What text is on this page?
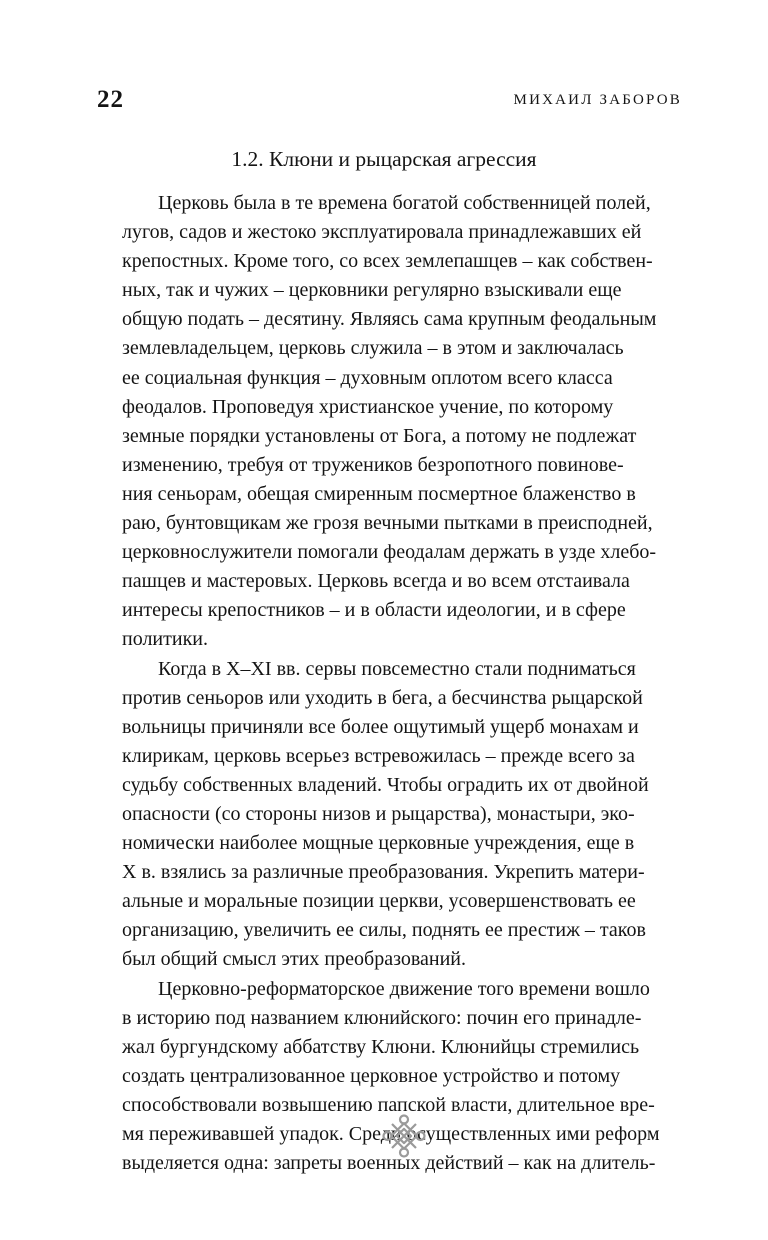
22	МИХАИЛ ЗАБОРОВ
1.2. Клюни и рыцарская агрессия

Церковь была в те времена богатой собственницей полей,
лугов, садов и жестоко эксплуатировала принадлежавших ей
крепостных. Кроме того, со всех землепашцев – как собствен-
ных, так и чужих – церковники регулярно взыскивали еще
общую подать – десятину. Являясь сама крупным феодальным
землевладельцем, церковь служила – в этом и заключалась
ее социальная функция – духовным оплотом всего класса
феодалов. Проповедуя христианское учение, по которому
земные порядки установлены от Бога, а потому не подлежат
изменению, требуя от тружеников безропотного повинове-
ния сеньорам, обещая смиренным посмертное блаженство в
раю, бунтовщикам же грозя вечными пытками в преисподней,
церковнослужители помогали феодалам держать в узде хлебо-
пашцев и мастеровых. Церковь всегда и во всем отстаивала
интересы крепостников – и в области идеологии, и в сфере
политики.

Когда в X–XI вв. сервы повсеместно стали подниматься
против сеньоров или уходить в бега, а бесчинства рыцарской
вольницы причиняли все более ощутимый ущерб монахам и
клирикам, церковь всерьез встревожилась – прежде всего за
судьбу собственных владений. Чтобы оградить их от двойной
опасности (со стороны низов и рыцарства), монастыри, эко-
номически наиболее мощные церковные учреждения, еще в
X в. взялись за различные преобразования. Укрепить матери-
альные и моральные позиции церкви, усовершенствовать ее
организацию, увеличить ее силы, поднять ее престиж – таков
был общий смысл этих преобразований.

Церковно-реформаторское движение того времени вошло
в историю под названием клюнийского: почин его принадле-
жал бургундскому аббатству Клюни. Клюнийцы стремились
создать централизованное церковное устройство и потому
способствовали возвышению папской власти, длительное вре-
мя переживавшей упадок. Среди осуществленных ими реформ
выделяется одна: запреты военных действий – как на длитель-
